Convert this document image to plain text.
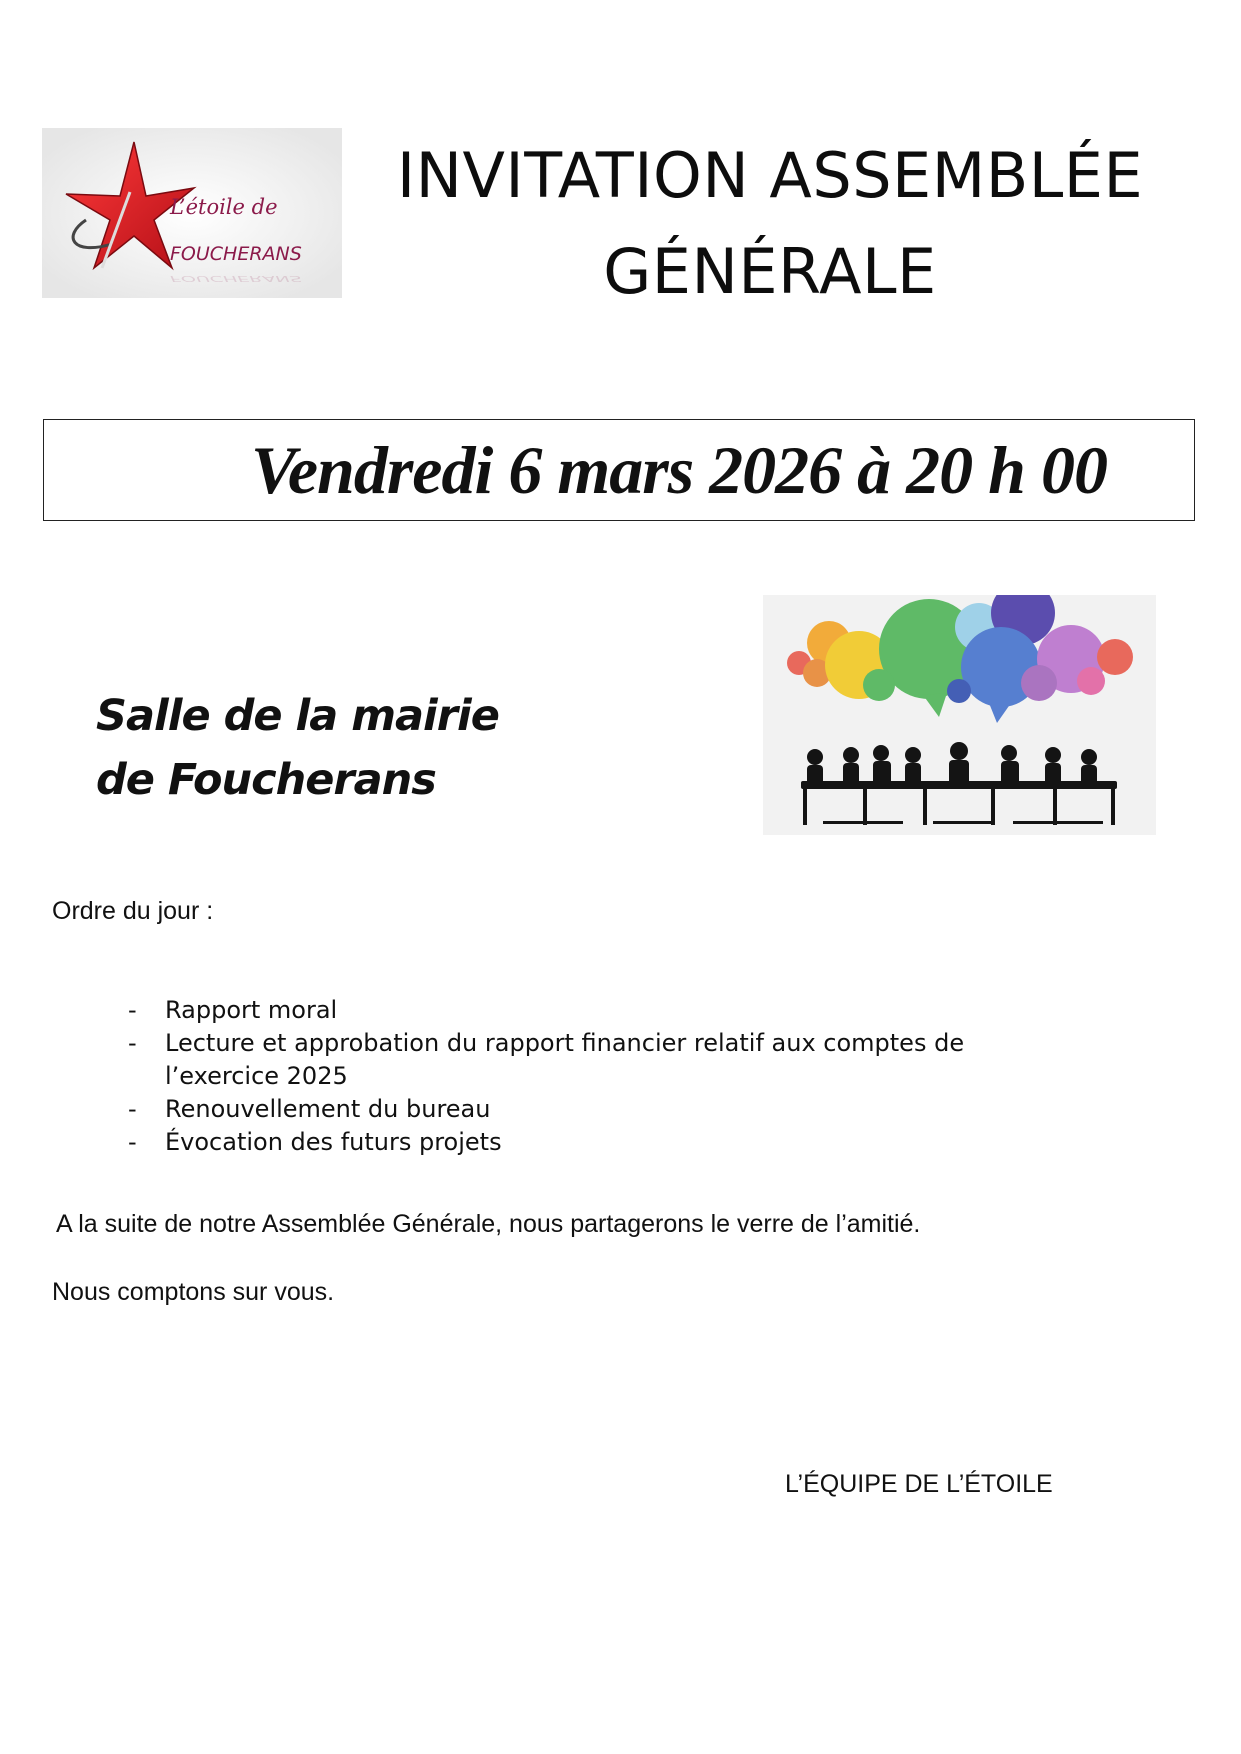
L’étoile de
FOUCHERANS
FOUCHERANS
INVITATION ASSEMBLÉE
GÉNÉRALE
Vendredi 6 mars 2026 à 20 h 00
Salle de la mairie
de Foucherans
Ordre du jour :
- Rapport moral
- Lecture et approbation du rapport financier relatif aux comptes de l’exercice 2025
- Renouvellement du bureau
- Évocation des futurs projets
A la suite de notre Assemblée Générale, nous partagerons le verre de l’amitié.
Nous comptons sur vous.
L’ÉQUIPE DE L’ÉTOILE
